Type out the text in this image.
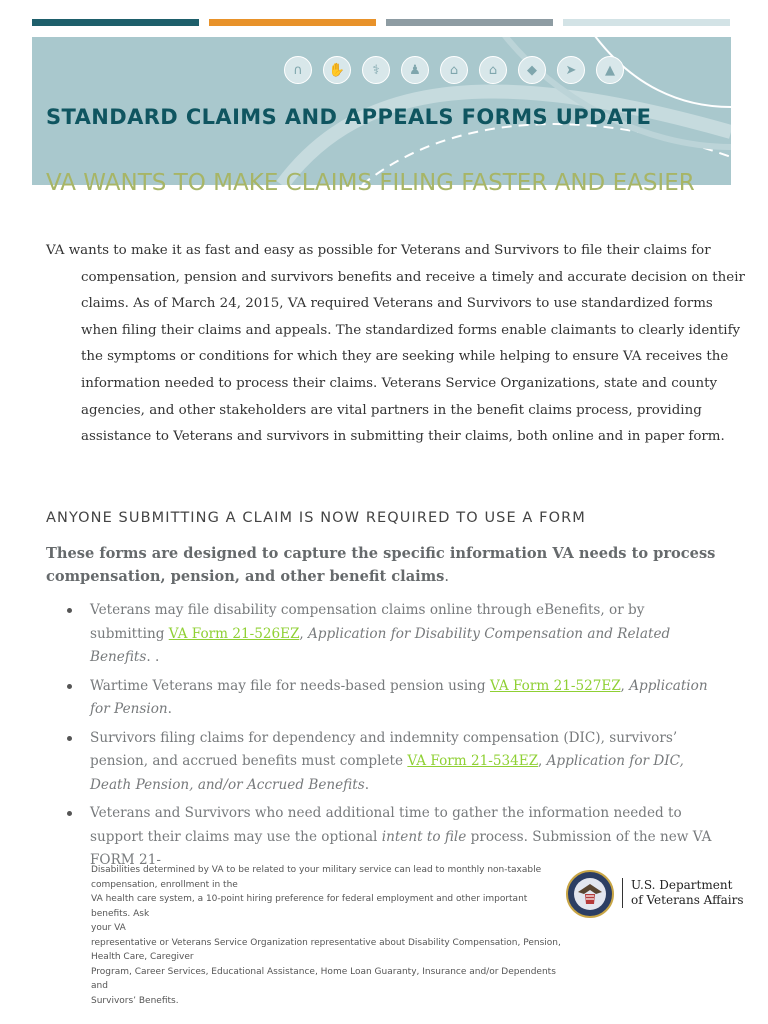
∩	✋	⚕	♟	⌂	⌂	◆	➤	▲
STANDARD CLAIMS AND APPEALS FORMS UPDATE
VA WANTS TO MAKE CLAIMS FILING FASTER AND EASIER

VA wants to make it as fast and easy as possible for Veterans and Survivors to file their claims for compensation, pension and survivors benefits and receive a timely and accurate decision on their claims. As of March 24, 2015, VA required Veterans and Survivors to use standardized forms when filing their claims and appeals. The standardized forms enable claimants to clearly identify the symptoms or conditions for which they are seeking while helping to ensure VA receives the information needed to process their claims. Veterans Service Organizations, state and county agencies, and other stakeholders are vital partners in the benefit claims process, providing assistance to Veterans and survivors in submitting their claims, both online and in paper form.

ANYONE SUBMITTING A CLAIM IS NOW REQUIRED TO USE A FORM

These forms are designed to capture the specific information VA needs to process compensation, pension, and other benefit claims.

Veterans may file disability compensation claims online through eBenefits, or by submitting VA Form 21-526EZ, Application for Disability Compensation and Related Benefits. .
Wartime Veterans may file for needs-based pension using VA Form 21-527EZ, Application for Pension.
Survivors filing claims for dependency and indemnity compensation (DIC), survivors’ pension, and accrued benefits must complete VA Form 21-534EZ, Application for DIC, Death Pension, and/or Accrued Benefits.
Veterans and Survivors who need additional time to gather the information needed to support their claims may use the optional intent to file process. Submission of the new VA FORM 21-
Disabilities determined by VA to be related to your military service can lead to monthly non-taxable
compensation, enrollment in the
VA health care system, a 10-point hiring preference for federal employment and other important benefits. Ask
your VA
representative or Veterans Service Organization representative about Disability Compensation, Pension,
Health Care, Caregiver
Program, Career Services, Educational Assistance, Home Loan Guaranty, Insurance and/or Dependents and
Survivors’ Benefits.
U.S. Department
of Veterans Affairs
